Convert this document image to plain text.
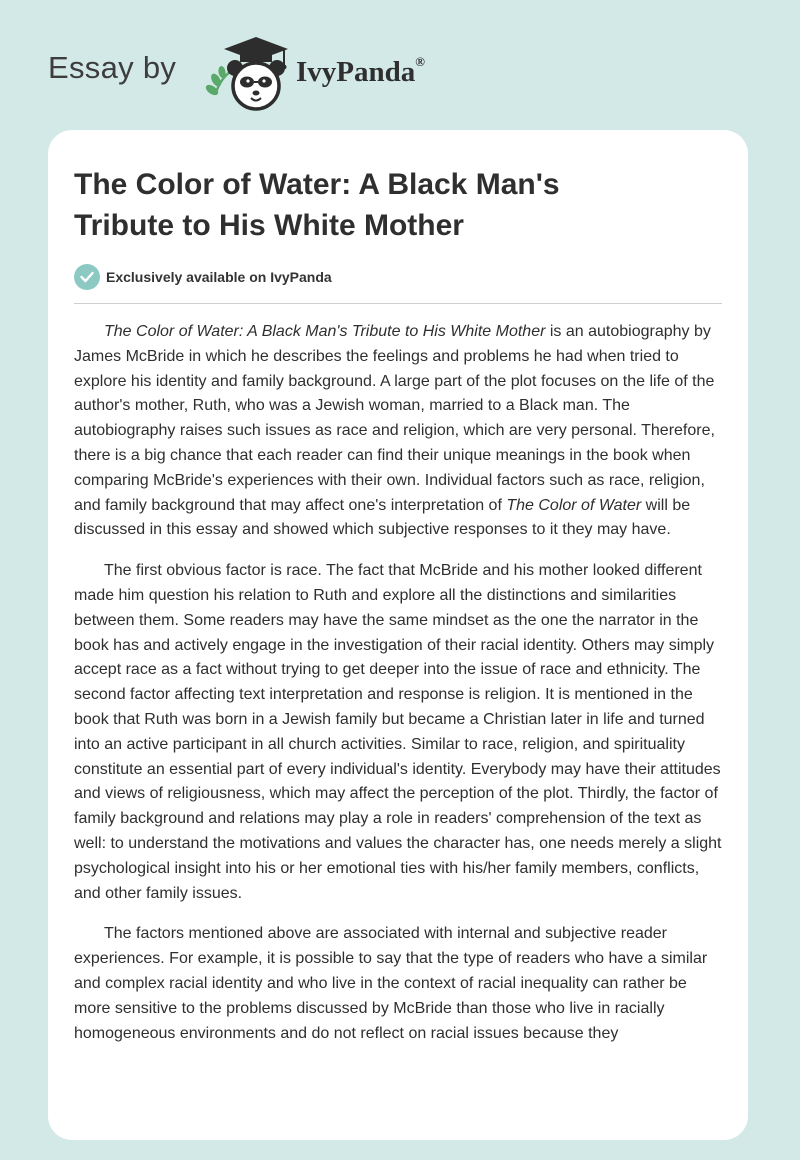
Essay by	IvyPanda®
The Color of Water: A Black Man's
Tribute to His White Mother
Exclusively available on IvyPanda

The Color of Water: A Black Man's Tribute to His White Mother is an autobiography by James McBride in which he describes the feelings and problems he had when tried to explore his identity and family background. A large part of the plot focuses on the life of the author's mother, Ruth, who was a Jewish woman, married to a Black man. The autobiography raises such issues as race and religion, which are very personal. Therefore, there is a big chance that each reader can find their unique meanings in the book when comparing McBride's experiences with their own. Individual factors such as race, religion, and family background that may affect one's interpretation of The Color of Water will be discussed in this essay and showed which subjective responses to it they may have.

The first obvious factor is race. The fact that McBride and his mother looked different made him question his relation to Ruth and explore all the distinctions and similarities between them. Some readers may have the same mindset as the one the narrator in the book has and actively engage in the investigation of their racial identity. Others may simply accept race as a fact without trying to get deeper into the issue of race and ethnicity. The second factor affecting text interpretation and response is religion. It is mentioned in the book that Ruth was born in a Jewish family but became a Christian later in life and turned into an active participant in all church activities. Similar to race, religion, and spirituality constitute an essential part of every individual's identity. Everybody may have their attitudes and views of religiousness, which may affect the perception of the plot. Thirdly, the factor of family background and relations may play a role in readers' comprehension of the text as well: to understand the motivations and values the character has, one needs merely a slight psychological insight into his or her emotional ties with his/her family members, conflicts, and other family issues.

The factors mentioned above are associated with internal and subjective reader experiences. For example, it is possible to say that the type of readers who have a similar and complex racial identity and who live in the context of racial inequality can rather be more sensitive to the problems discussed by McBride than those who live in racially homogeneous environments and do not reflect on racial issues because they
